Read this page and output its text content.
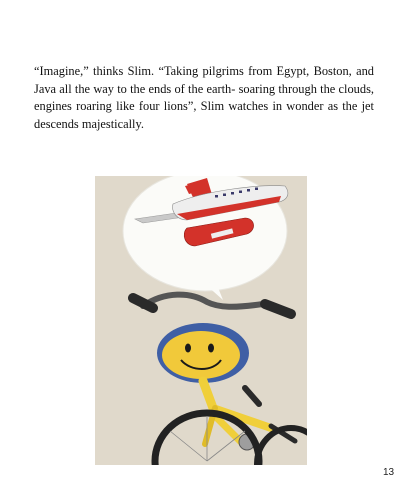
“Imagine,” thinks Slim. “Taking pilgrims from Egypt, Boston, and Java all the way to the ends of the earth- soaring through the clouds, engines roaring like four lions”, Slim watches in wonder as the jet descends majestically.

13
